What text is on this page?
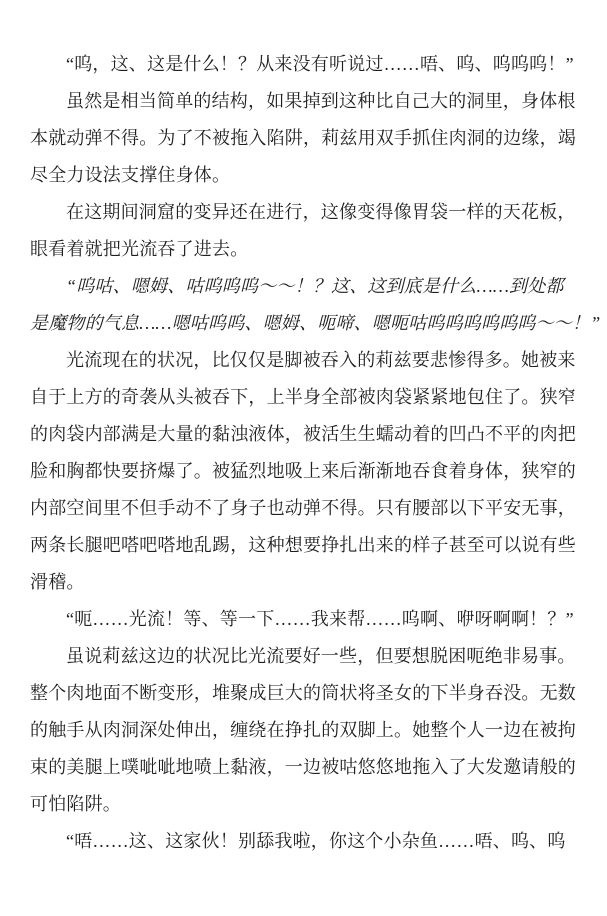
“呜，这、这是什么！？从来没有听说过……唔、呜、呜呜呜！”
虽然是相当简单的结构，如果掉到这种比自己大的洞里，身体根
本就动弹不得。为了不被拖入陷阱，莉兹用双手抓住肉洞的边缘，竭
尽全力设法支撑住身体。
在这期间洞窟的变异还在进行，这像变得像胃袋一样的天花板，
眼看着就把光流吞了进去。
“呜咕、嗯姆、咕呜呜呜～～！？这、这到底是什么……到处都
是魔物的气息……嗯咕呜呜、嗯姆、呃啼、嗯呃咕呜呜呜呜呜呜～～！”
光流现在的状况，比仅仅是脚被吞入的莉兹要悲惨得多。她被来
自于上方的奇袭从头被吞下，上半身全部被肉袋紧紧地包住了。狭窄
的肉袋内部满是大量的黏浊液体，被活生生蠕动着的凹凸不平的肉把
脸和胸都快要挤爆了。被猛烈地吸上来后渐渐地吞食着身体，狭窄的
内部空间里不但手动不了身子也动弹不得。只有腰部以下平安无事，
两条长腿吧嗒吧嗒地乱踢，这种想要挣扎出来的样子甚至可以说有些
滑稽。
“呃……光流！等、等一下……我来帮……呜啊、咿呀啊啊！？”
虽说莉兹这边的状况比光流要好一些，但要想脱困呃绝非易事。
整个肉地面不断变形，堆聚成巨大的筒状将圣女的下半身吞没。无数
的触手从肉洞深处伸出，缠绕在挣扎的双脚上。她整个人一边在被拘
束的美腿上噗呲呲地喷上黏液，一边被咕悠悠地拖入了大发邀请般的
可怕陷阱。
“唔……这、这家伙！别舔我啦，你这个小杂鱼……唔、呜、呜
